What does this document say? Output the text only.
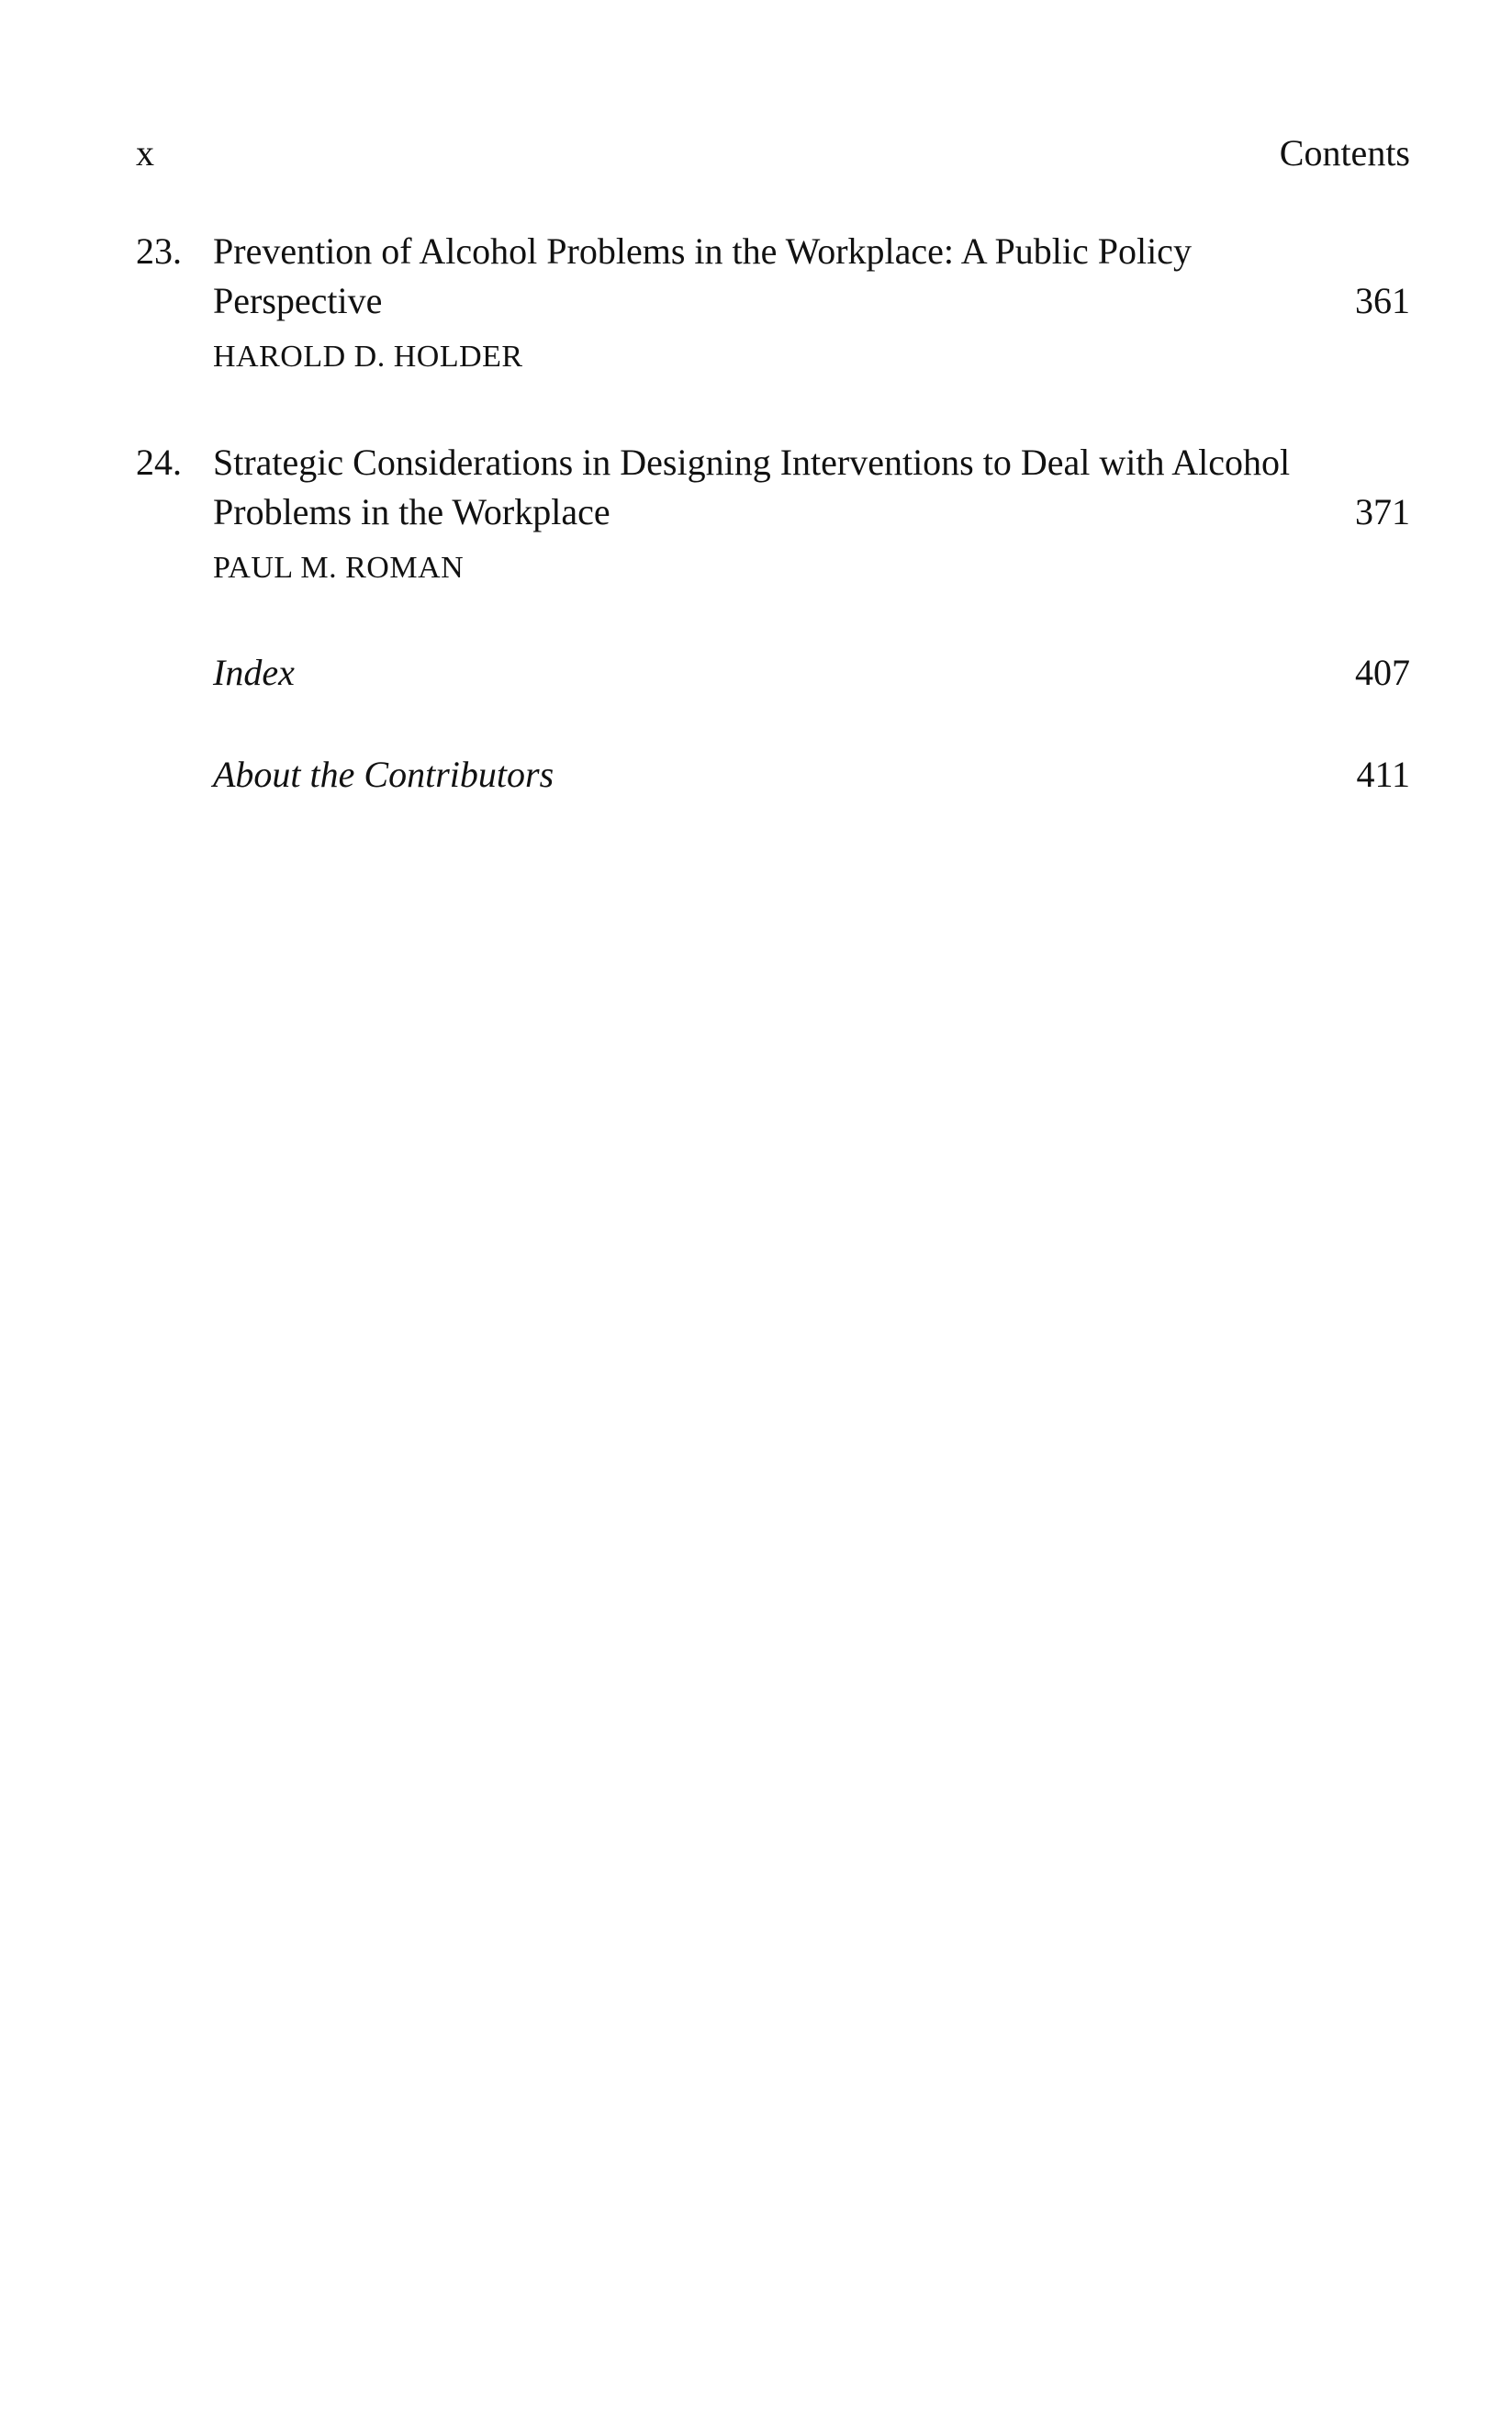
x	Contents
23. Prevention of Alcohol Problems in the Workplace: A Public Policy Perspective	361
HAROLD D. HOLDER
24. Strategic Considerations in Designing Interventions to Deal with Alcohol Problems in the Workplace	371
PAUL M. ROMAN
Index	407
About the Contributors	411
